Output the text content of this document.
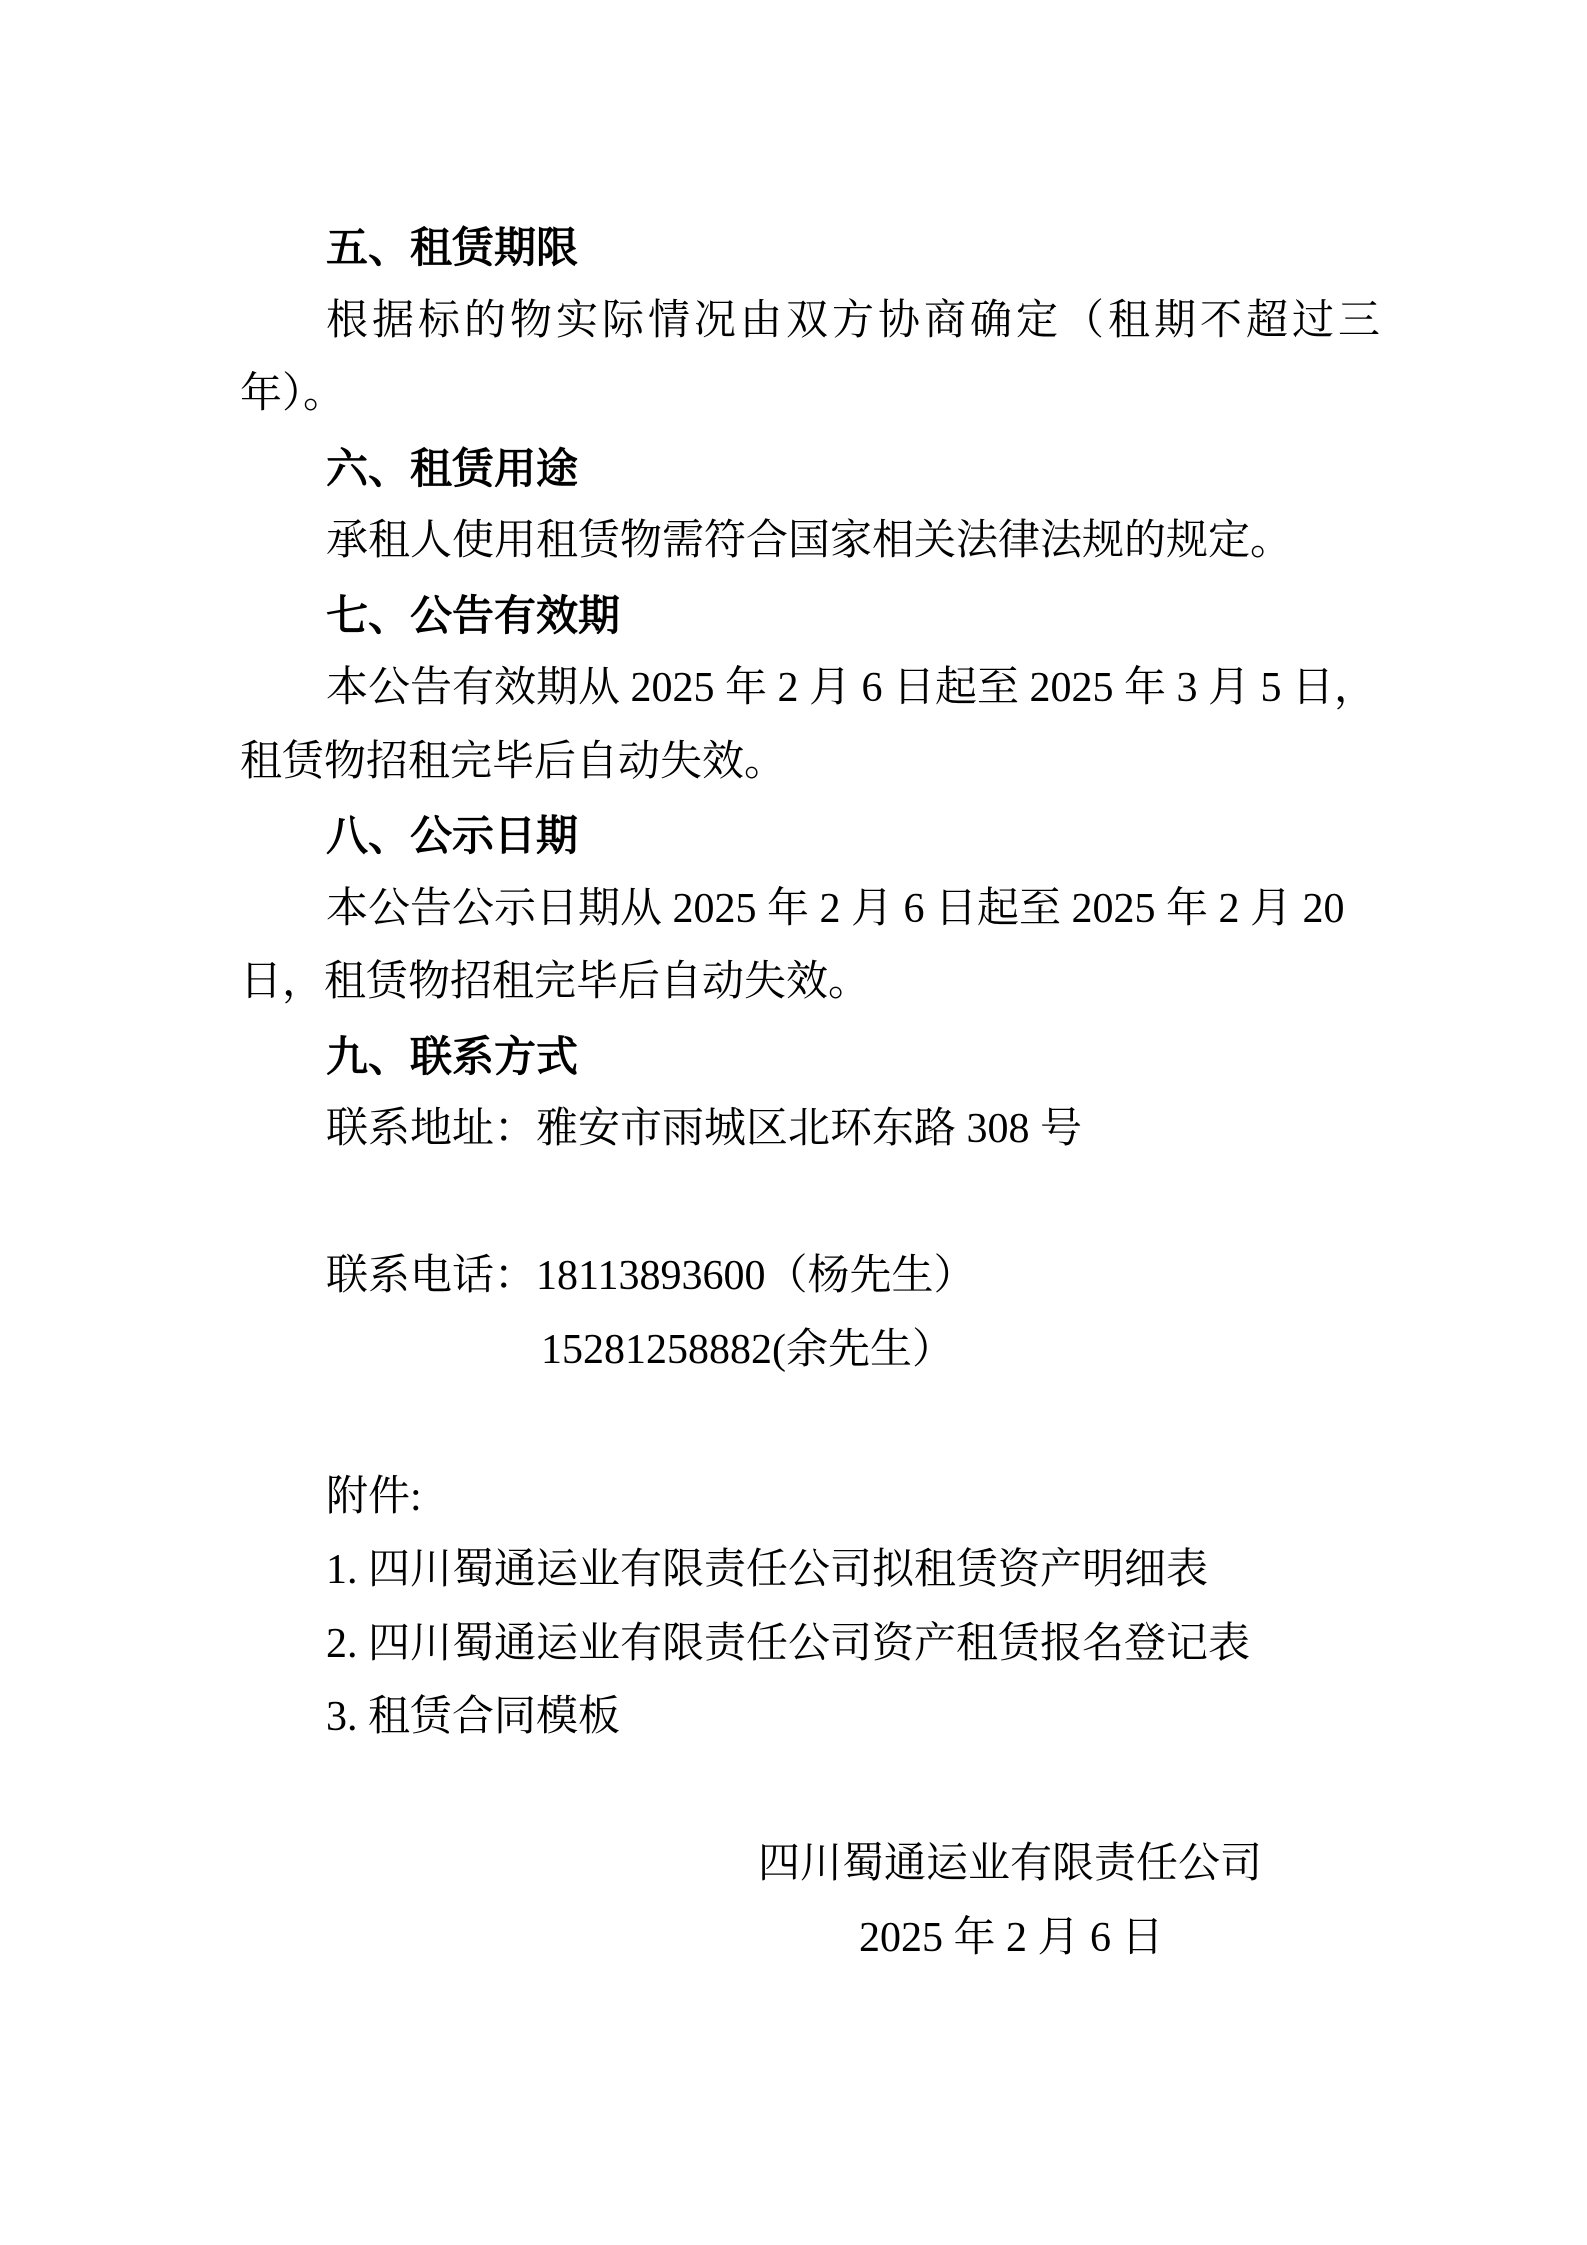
五、租赁期限
根据标的物实际情况由双方协商确定（租期不超过三
年）。
六、租赁用途
承租人使用租赁物需符合国家相关法律法规的规定。
七、公告有效期
本公告有效期从 2025 年 2 月 6 日起至 2025 年 3 月 5 日，
租赁物招租完毕后自动失效。
八、公示日期
本公告公示日期从 2025 年 2 月 6 日起至 2025 年 2 月 20
日，租赁物招租完毕后自动失效。
九、联系方式
联系地址：雅安市雨城区北环东路 308 号
联系电话：18113893600（杨先生）
15281258882(余先生）
附件:
1. 四川蜀通运业有限责任公司拟租赁资产明细表
2. 四川蜀通运业有限责任公司资产租赁报名登记表
3. 租赁合同模板
四川蜀通运业有限责任公司
2025 年 2 月 6 日
